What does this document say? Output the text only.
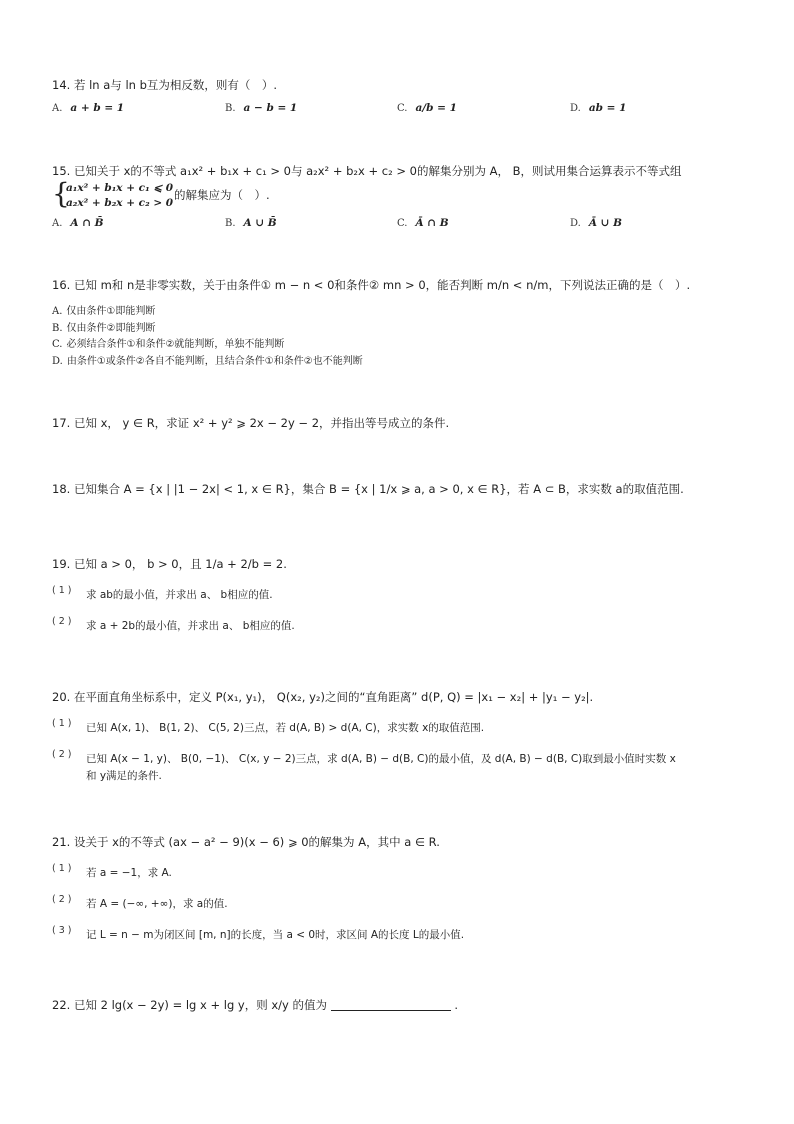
14. 若 ln a与 ln b互为相反数，则有（　）.
A. a + b = 1	B. a − b = 1	C. a/b = 1	D. ab = 1
15. 已知关于 x的不等式 a₁x² + b₁x + c₁ > 0与 a₂x² + b₂x + c₂ > 0的解集分别为 A， B，则试用集合运算表示不等式组
{
a₁x² + b₁x + c₁ ⩽ 0
a₂x² + b₂x + c₂ > 0
的解集应为（　）.
A. A ∩ B̄	B. A ∪ B̄	C. Ā ∩ B	D. Ā ∪ B
16. 已知 m和 n是非零实数，关于由条件① m − n < 0和条件② mn > 0，能否判断 m/n < n/m，下列说法正确的是（　）.
A. 仅由条件①即能判断
B. 仅由条件②即能判断
C. 必须结合条件①和条件②就能判断，单独不能判断
D. 由条件①或条件②各自不能判断，且结合条件①和条件②也不能判断
17. 已知 x， y ∈ R，求证 x² + y² ⩾ 2x − 2y − 2，并指出等号成立的条件.
18. 已知集合 A = {x | |1 − 2x| < 1, x ∈ R}，集合 B = {x | 1/x ⩾ a, a > 0, x ∈ R}，若 A ⊂ B，求实数 a的取值范围.
19. 已知 a > 0， b > 0，且 1/a + 2/b = 2.
( 1 ) 求 ab的最小值，并求出 a、 b相应的值.
( 2 ) 求 a + 2b的最小值，并求出 a、 b相应的值.
20. 在平面直角坐标系中，定义 P(x₁, y₁)， Q(x₂, y₂)之间的“直角距离” d(P, Q) = |x₁ − x₂| + |y₁ − y₂|.
( 1 ) 已知 A(x, 1)、 B(1, 2)、 C(5, 2)三点，若 d(A, B) > d(A, C)，求实数 x的取值范围.
( 2 ) 已知 A(x − 1, y)、 B(0, −1)、 C(x, y − 2)三点，求 d(A, B) − d(B, C)的最小值，及 d(A, B) − d(B, C)取到最小值时实数 x
和 y满足的条件.
21. 设关于 x的不等式 (ax − a² − 9)(x − 6) ⩾ 0的解集为 A，其中 a ∈ R.
( 1 ) 若 a = −1，求 A.
( 2 ) 若 A = (−∞, +∞)，求 a的值.
( 3 ) 记 L = n − m为闭区间 [m, n]的长度，当 a < 0时，求区间 A的长度 L的最小值.
22. 已知 2 lg(x − 2y) = lg x + lg y，则 x/y 的值为	.
